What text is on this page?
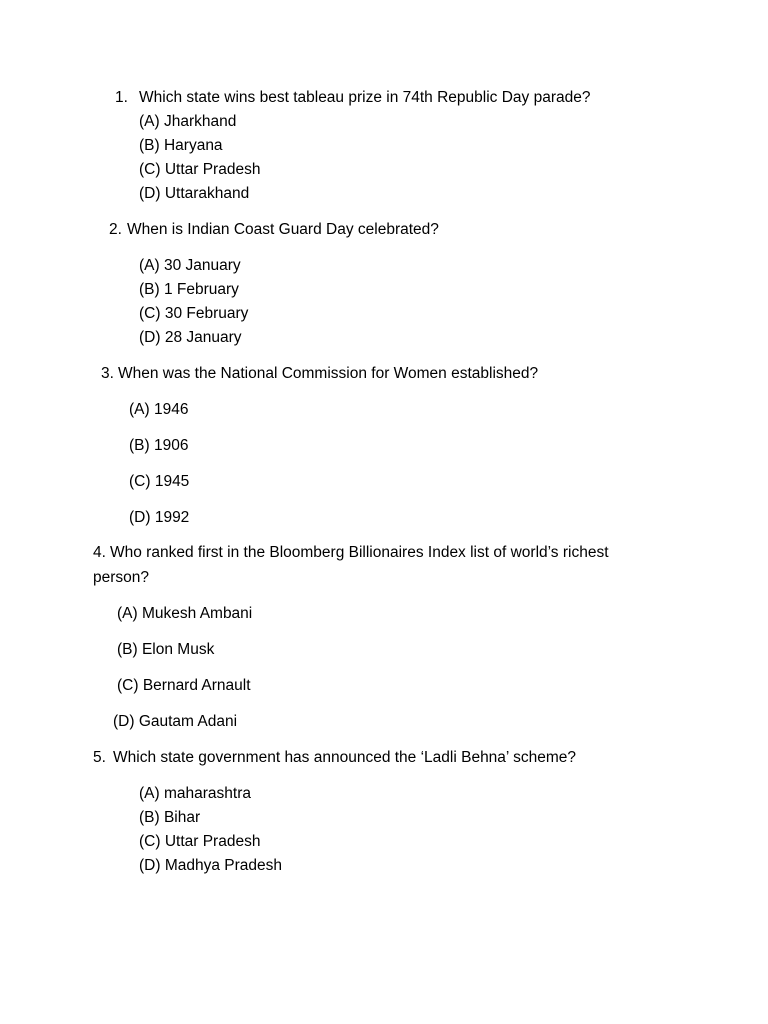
1. Which state wins best tableau prize in 74th Republic Day parade?
(A) Jharkhand
(B) Haryana
(C) Uttar Pradesh
(D) Uttarakhand
2. When is Indian Coast Guard Day celebrated?
(A) 30 January
(B) 1 February
(C) 30 February
(D) 28 January
3. When was the National Commission for Women established?
(A) 1946
(B) 1906
(C) 1945
(D) 1992
4. Who ranked first in the Bloomberg Billionaires Index list of world’s richest
person?
(A) Mukesh Ambani
(B) Elon Musk
(C) Bernard Arnault
(D) Gautam Adani
5. Which state government has announced the ‘Ladli Behna’ scheme?
(A) maharashtra
(B) Bihar
(C) Uttar Pradesh
(D) Madhya Pradesh
